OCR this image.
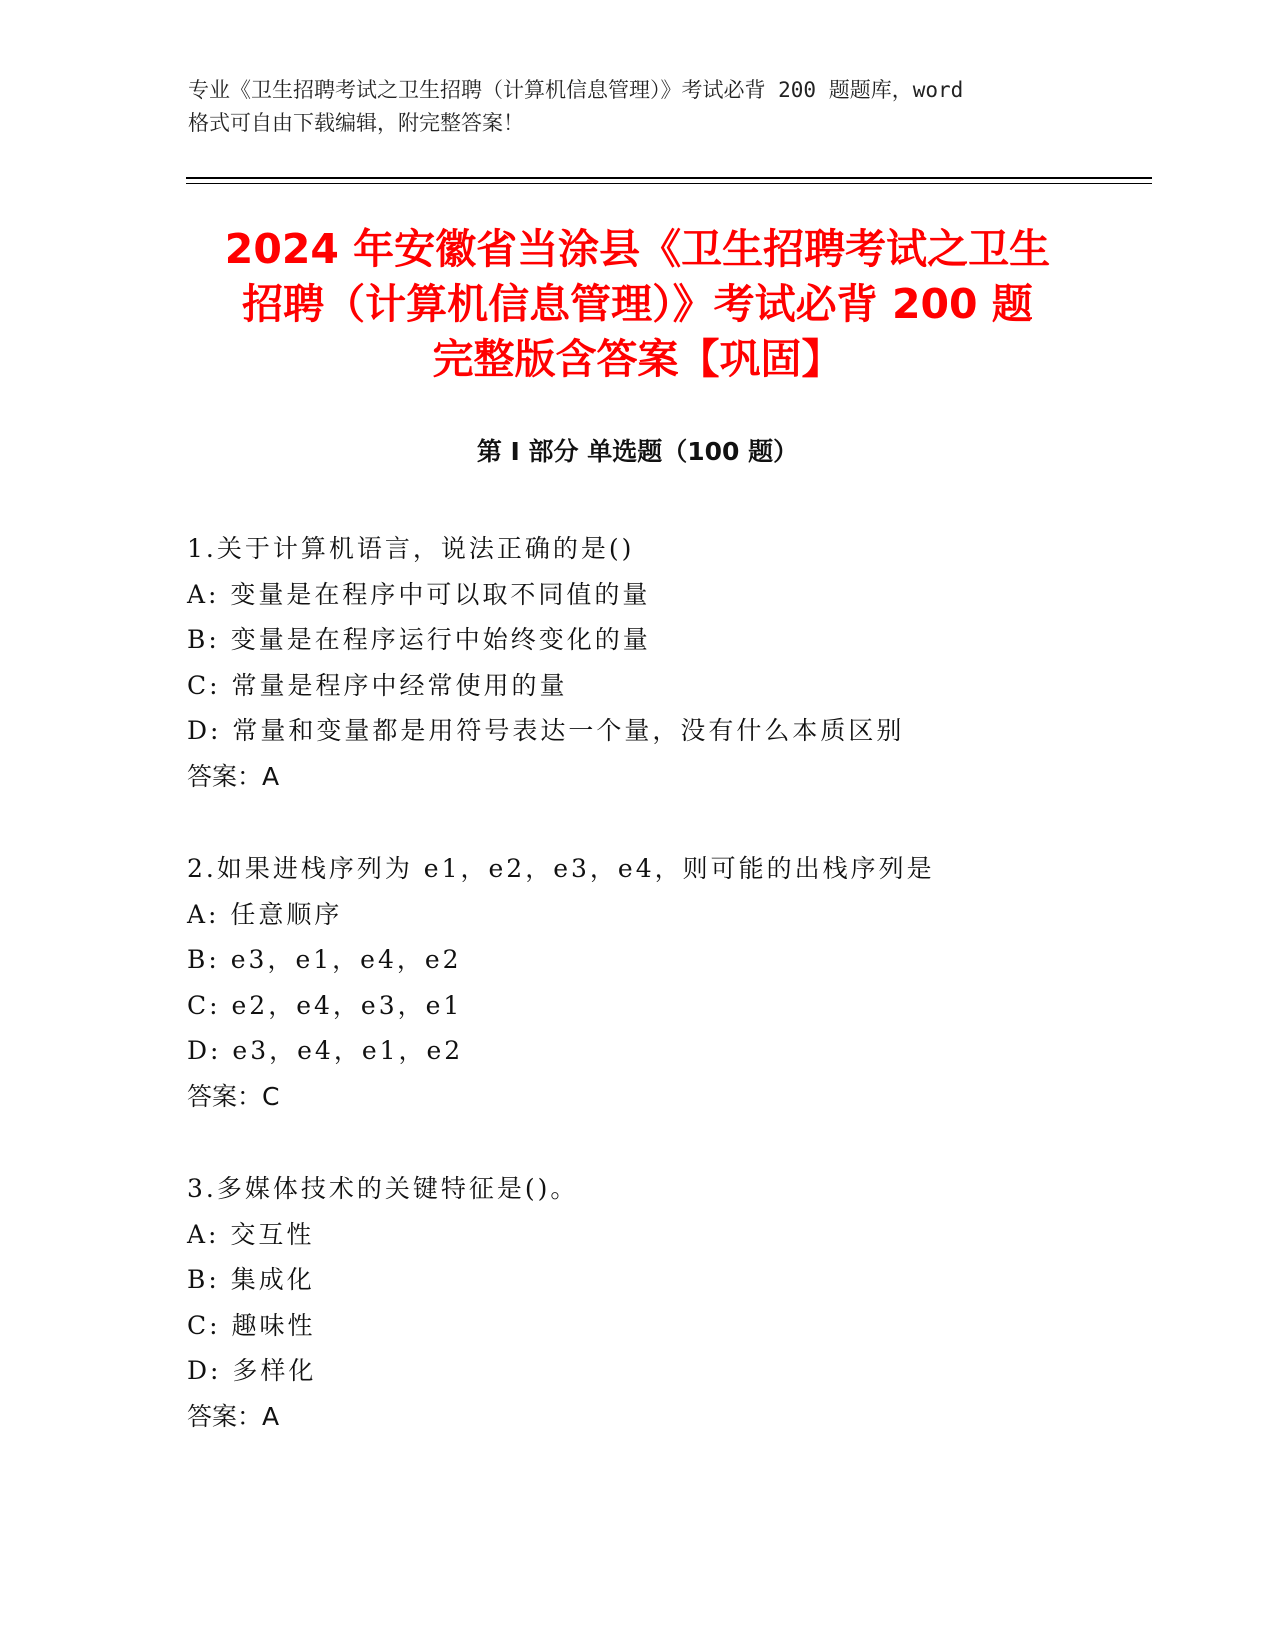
专业《卫生招聘考试之卫生招聘（计算机信息管理）》考试必背 200 题题库，word
格式可自由下载编辑，附完整答案！
2024 年安徽省当涂县《卫生招聘考试之卫生
招聘（计算机信息管理）》考试必背 200 题
完整版含答案【巩固】
第 I 部分 单选题（100 题）
1.关于计算机语言，说法正确的是()
A: 变量是在程序中可以取不同值的量
B: 变量是在程序运行中始终变化的量
C: 常量是程序中经常使用的量
D: 常量和变量都是用符号表达一个量，没有什么本质区别
答案：A
2.如果进栈序列为 e1，e2，e3，e4，则可能的出栈序列是
A: 任意顺序
B: e3，e1，e4，e2
C: e2，e4，e3，e1
D: e3，e4，e1，e2
答案：C
3.多媒体技术的关键特征是()。
A: 交互性
B: 集成化
C: 趣味性
D: 多样化
答案：A
